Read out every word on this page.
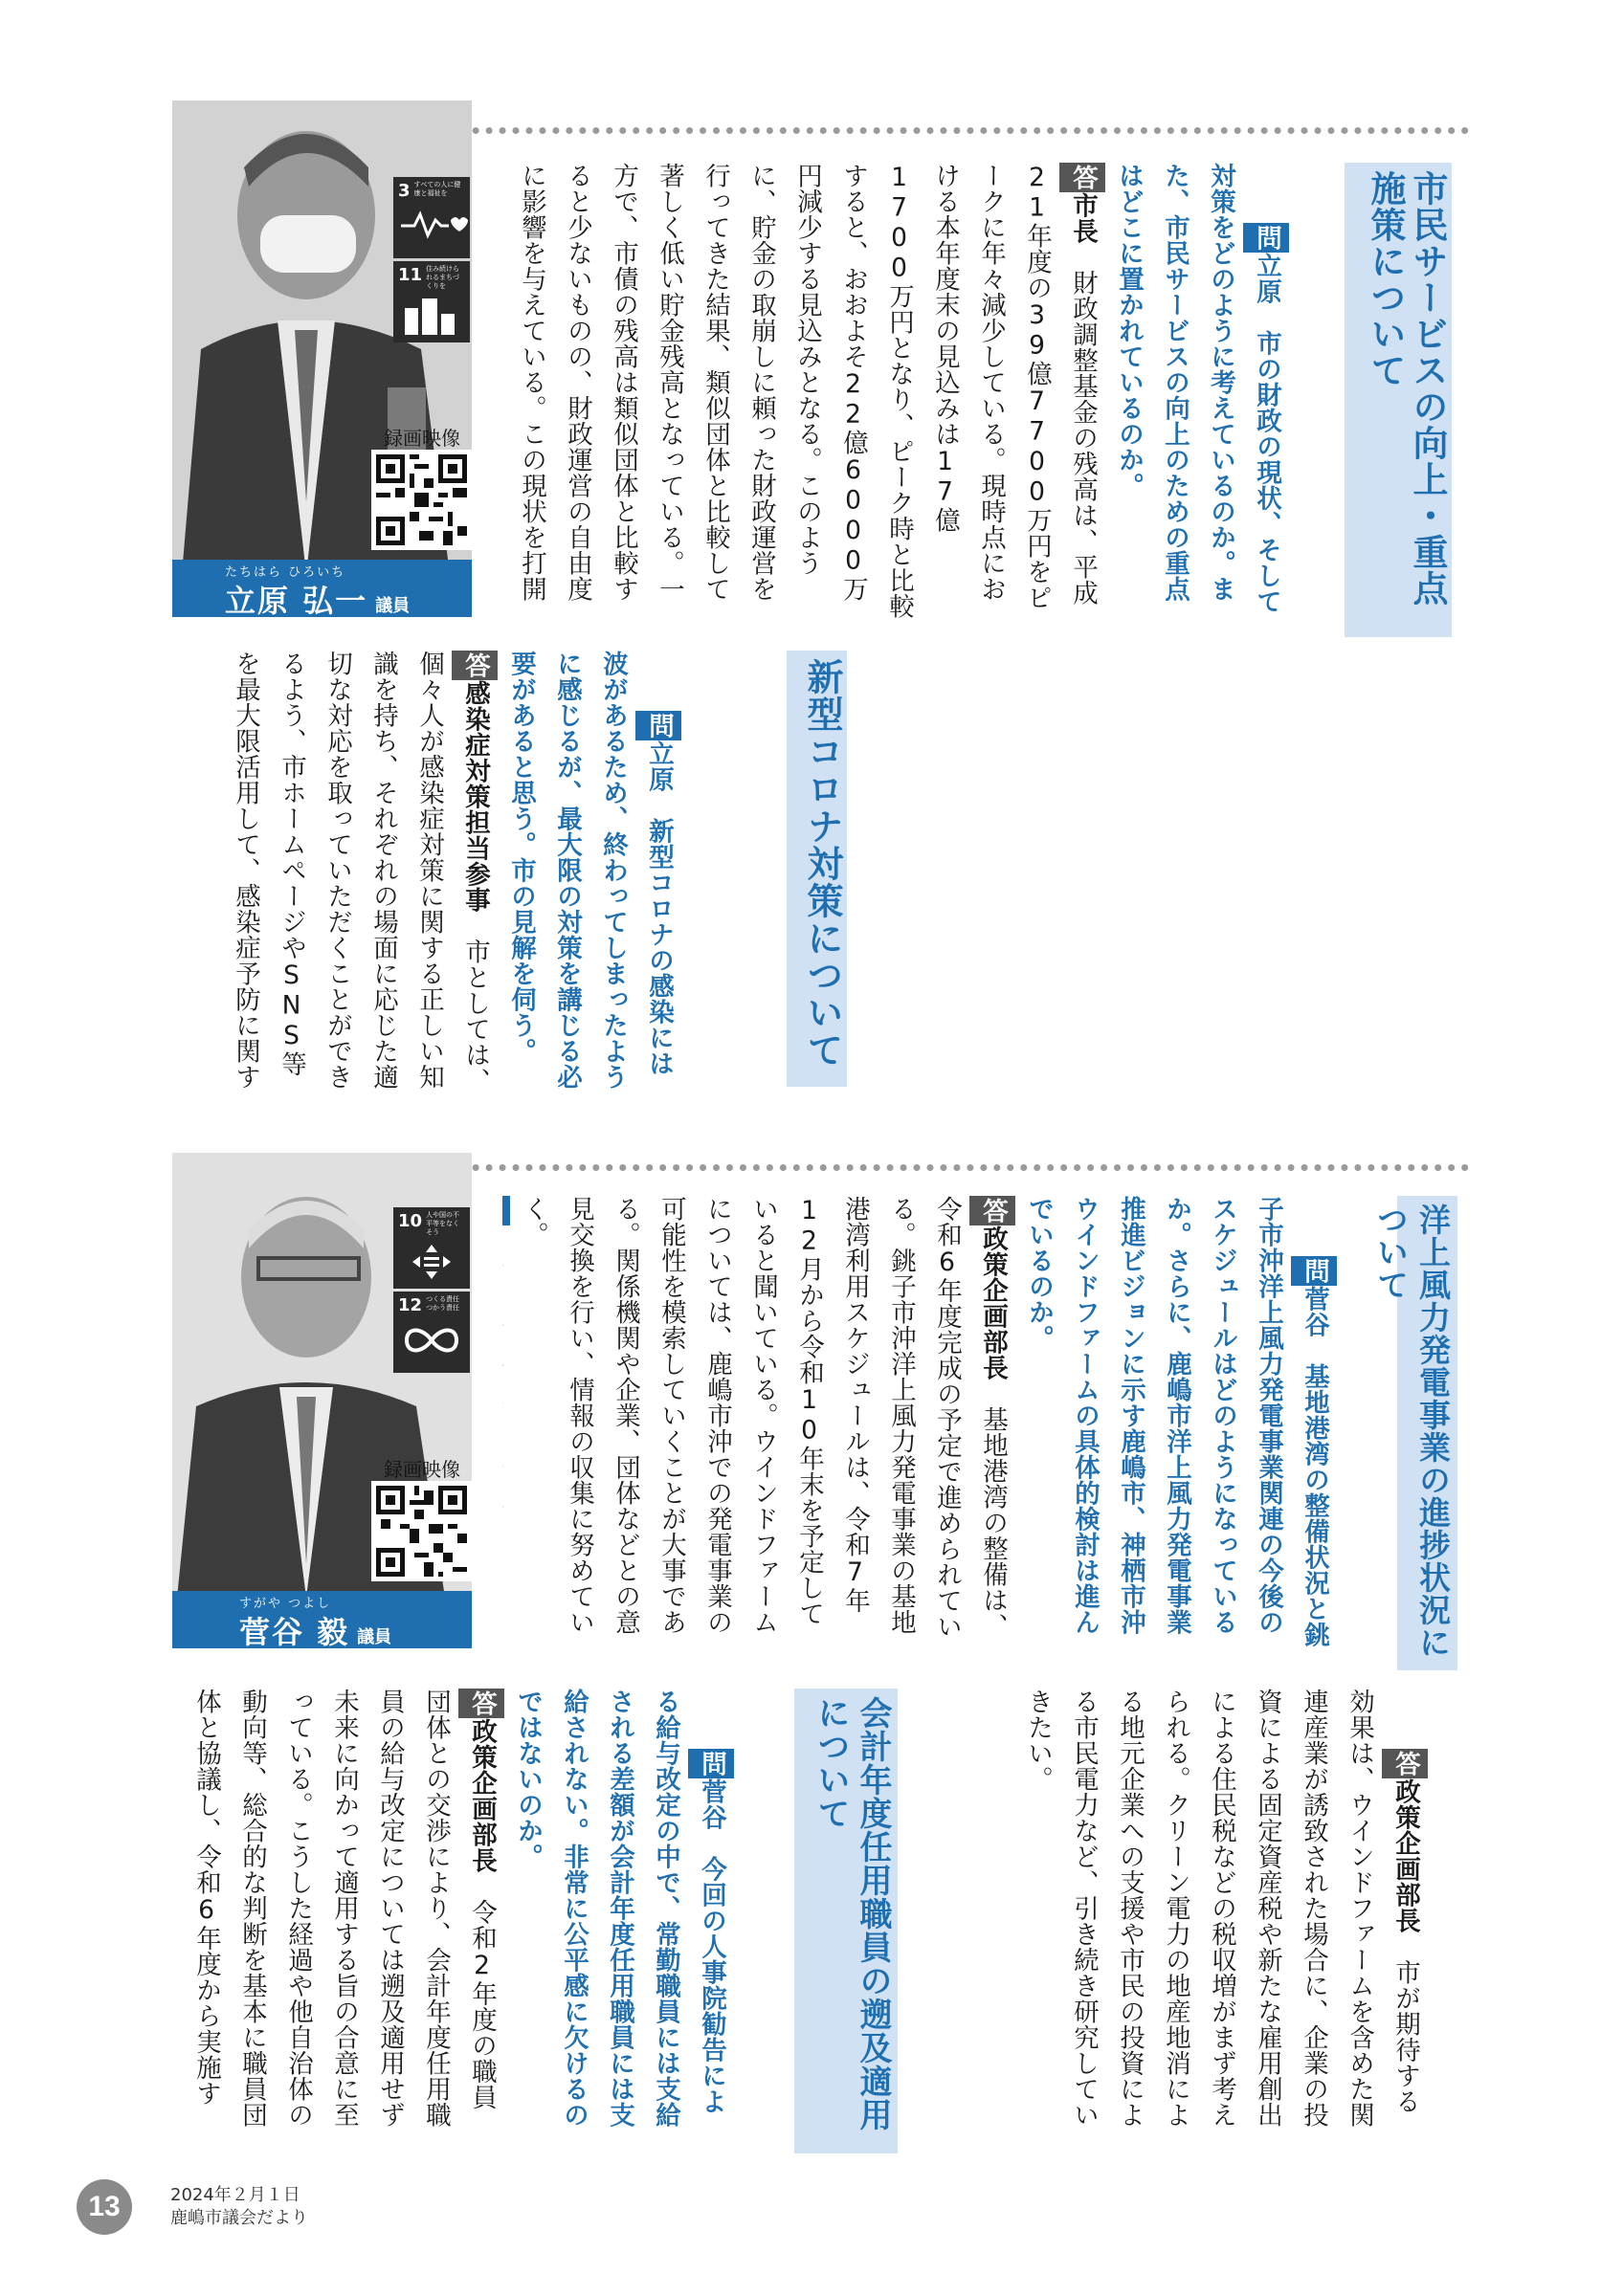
3 すべての人に健康と福祉を
11 住み続けられるまちづくりを
録画映像
たちはら ひろいち
立原 弘一 議員	市民サービスの向上・重点施策について

問立原　市の財政の現状、そして対策をどのように考えているのか。また、市民サービスの向上のための重点はどこに置かれているのか。
答市長　財政調整基金の残高は、平成21年度の39億7700万円をピークに年々減少している。現時点における本年度末の見込みは17億1700万円となり、ピーク時と比較すると、おおよそ22億6000万円減少する見込みとなる。このように、貯金の取崩しに頼った財政運営を行ってきた結果、類似団体と比較して著しく低い貯金残高となっている。一方で、市債の残高は類似団体と比較すると少ないものの、財政運営の自由度に影響を与えている。この現状を打開

新型コロナ対策について

問立原　新型コロナの感染には波があるため、終わってしまったように感じるが、最大限の対策を講じる必要があると思う。市の見解を伺う。
答感染症対策担当参事　市としては、個々人が感染症対策に関する正しい知識を持ち、それぞれの場面に応じた適切な対応を取っていただくことができるよう、市ホームページやSNS等を最大限活用して、感染症予防に関す

10 人や国の不平等をなくそう
12 つくる責任つかう責任
録画映像
すがや つよし
菅谷 毅 議員	洋上風力発電事業の進捗状況について

問菅谷　基地港湾の整備状況と銚子市沖洋上風力発電事業関連の今後のスケジュールはどのようになっているか。さらに、鹿嶋市洋上風力発電事業推進ビジョンに示す鹿嶋市、神栖市沖ウインドファームの具体的検討は進んでいるのか。
答政策企画部長　基地港湾の整備は、令和6年度完成の予定で進められている。銚子市沖洋上風力発電事業の基地港湾利用スケジュールは、令和7年12月から令和10年末を予定していると聞いている。ウインドファームについては、鹿嶋市沖での発電事業の可能性を模索していくことが大事である。関係機関や企業、団体などとの意見交換を行い、情報の収集に努めていく。

答政策企画部長　市が期待する効果は、ウインドファームを含めた関連産業が誘致された場合に、企業の投資による固定資産税や新たな雇用創出による住民税などの税収増がまず考えられる。クリーン電力の地産地消による地元企業への支援や市民の投資による市民電力など、引き続き研究していきたい。

会計年度任用職員の遡及適用について

問菅谷　今回の人事院勧告による給与改定の中で、常勤職員には支給される差額が会計年度任用職員には支給されない。非常に公平感に欠けるのではないのか。
答政策企画部長　令和2年度の職員団体との交渉により、会計年度任用職員の給与改定については遡及適用せず未来に向かって適用する旨の合意に至っている。こうした経過や他自治体の動向等、総合的な判断を基本に職員団体と協議し、令和6年度から実施す

13	2024年２月１日
鹿嶋市議会だより
